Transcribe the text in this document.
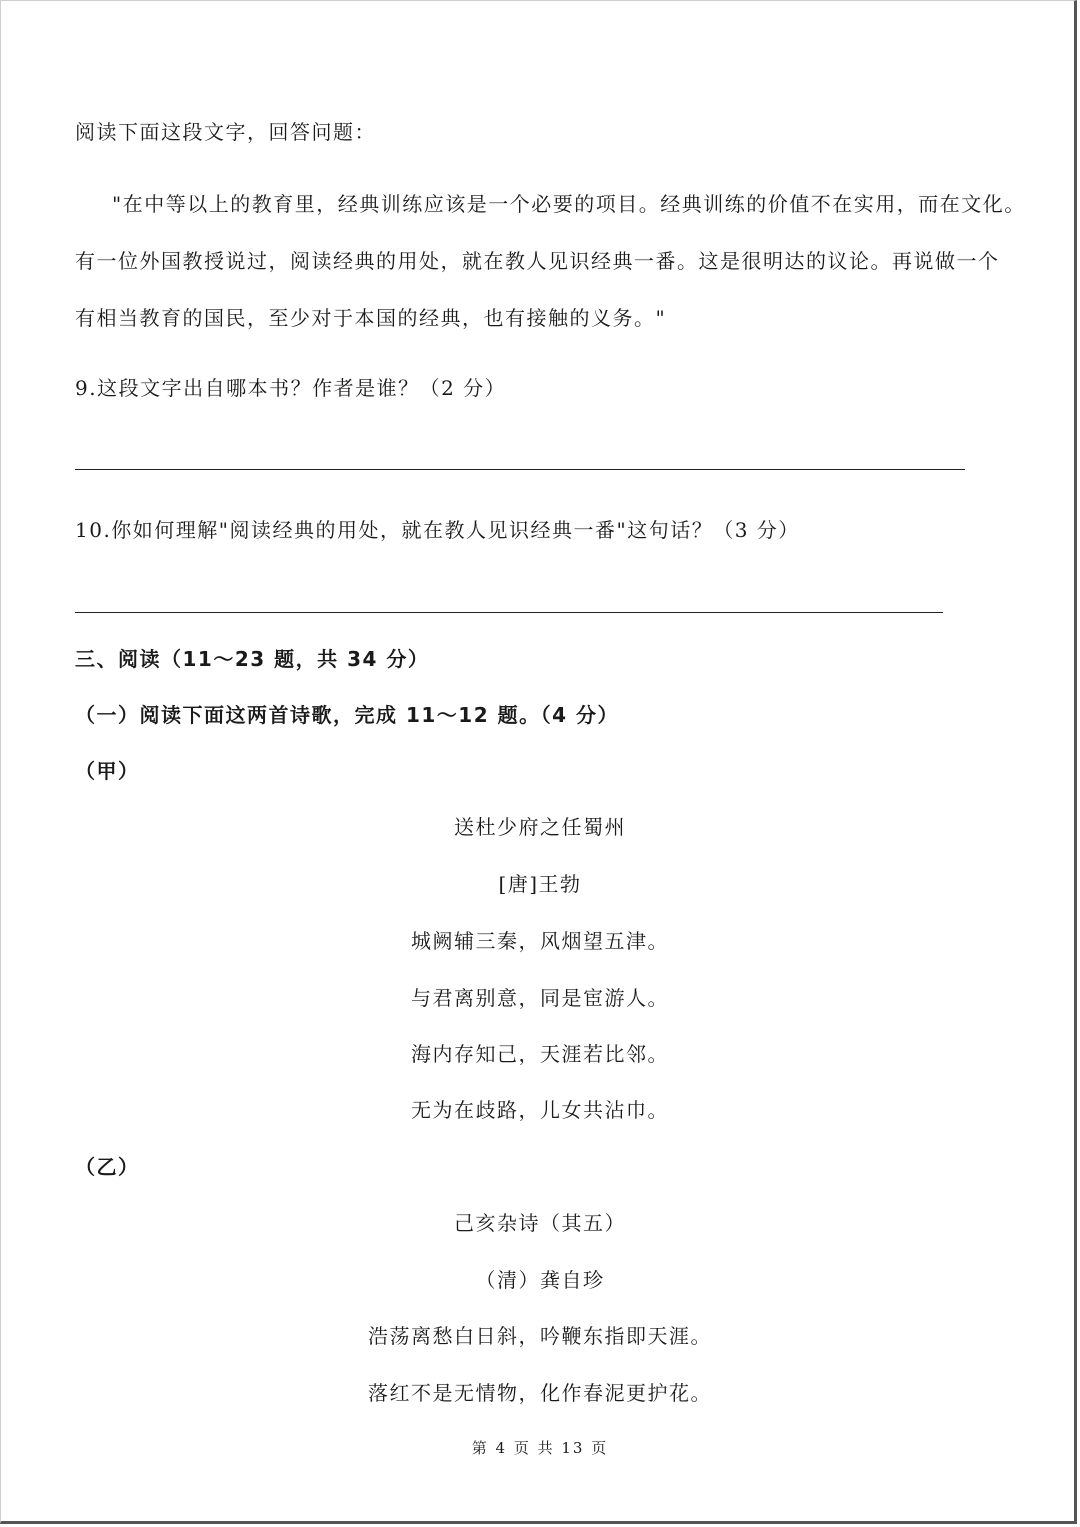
阅读下面这段文字，回答问题：
"在中等以上的教育里，经典训练应该是一个必要的项目。经典训练的价值不在实用，而在文化。
有一位外国教授说过，阅读经典的用处，就在教人见识经典一番。这是很明达的议论。再说做一个
有相当教育的国民，至少对于本国的经典，也有接触的义务。"
9.这段文字出自哪本书？作者是谁？（2 分）
10.你如何理解"阅读经典的用处，就在教人见识经典一番"这句话？（3 分）
三、阅读（11～23 题，共 34 分）
（一）阅读下面这两首诗歌，完成 11～12 题。（4 分）
（甲）
送杜少府之任蜀州
[唐]王勃
城阙辅三秦，风烟望五津。
与君离别意，同是宦游人。
海内存知己，天涯若比邻。
无为在歧路，儿女共沾巾。
（乙）
己亥杂诗（其五）
（清）龚自珍
浩荡离愁白日斜，吟鞭东指即天涯。
落红不是无情物，化作春泥更护花。
第 4 页 共 13 页
